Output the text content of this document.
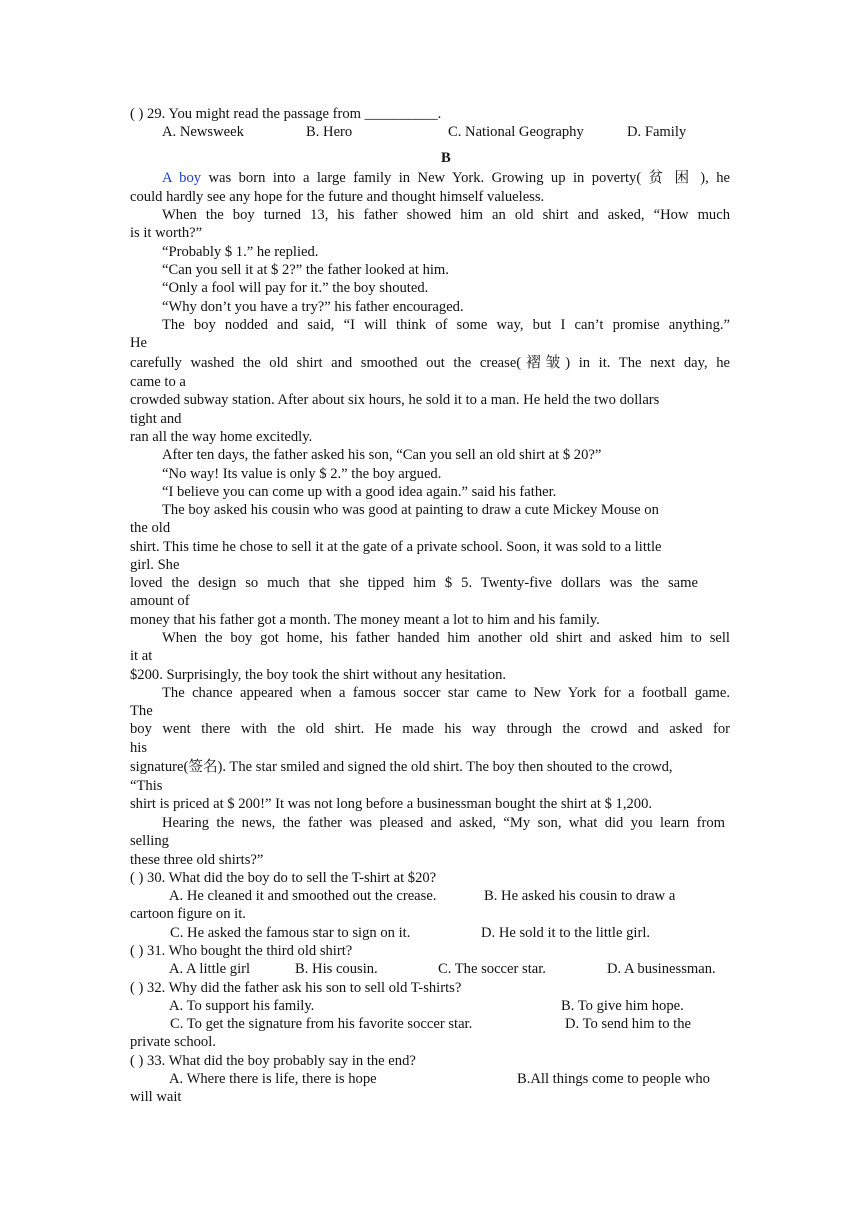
( ) 29. You might read the passage from __________.
A. Newsweek	B. Hero	C. National Geography	D. Family
B
A boy was born into a large family in New York. Growing up in poverty( 贫 困 ), he
could hardly see any hope for the future and thought himself valueless.
When the boy turned 13, his father showed him an old shirt and asked, “How much
is it worth?”
“Probably $ 1.” he replied.
“Can you sell it at $ 2?” the father looked at him.
“Only a fool will pay for it.” the boy shouted.
“Why don’t you have a try?” his father encouraged.
The boy nodded and said, “I will think of some way, but I can’t promise anything.”
He
carefully washed the old shirt and smoothed out the crease(褶皱) in it. The next day, he
came to a
crowded subway station. After about six hours, he sold it to a man. He held the two dollars
tight and
ran all the way home excitedly.
After ten days, the father asked his son, “Can you sell an old shirt at $ 20?”
“No way! Its value is only $ 2.” the boy argued.
“I believe you can come up with a good idea again.” said his father.
The boy asked his cousin who was good at painting to draw a cute Mickey Mouse on
the old
shirt. This time he chose to sell it at the gate of a private school. Soon, it was sold to a little
girl. She
loved the design so much that she tipped him $ 5. Twenty-five dollars was the same
amount of
money that his father got a month. The money meant a lot to him and his family.
When the boy got home, his father handed him another old shirt and asked him to sell
it at
$200. Surprisingly, the boy took the shirt without any hesitation.
The chance appeared when a famous soccer star came to New York for a football game.
The
boy went there with the old shirt. He made his way through the crowd and asked for
his
signature(签名). The star smiled and signed the old shirt. The boy then shouted to the crowd,
“This
shirt is priced at $ 200!” It was not long before a businessman bought the shirt at $ 1,200.
Hearing the news, the father was pleased and asked, “My son, what did you learn from
selling
these three old shirts?”
( ) 30. What did the boy do to sell the T-shirt at $20?
A. He cleaned it and smoothed out the crease.	B. He asked his cousin to draw a
cartoon figure on it.
C. He asked the famous star to sign on it.	D. He sold it to the little girl.
( ) 31. Who bought the third old shirt?
A. A little girl	B. His cousin.	C. The soccer star.	D. A businessman.
( ) 32. Why did the father ask his son to sell old T-shirts?
A. To support his family.	B. To give him hope.
C. To get the signature from his favorite soccer star.	D. To send him to the
private school.
( ) 33. What did the boy probably say in the end?
A. Where there is life, there is hope	B.All things come to people who
will wait
